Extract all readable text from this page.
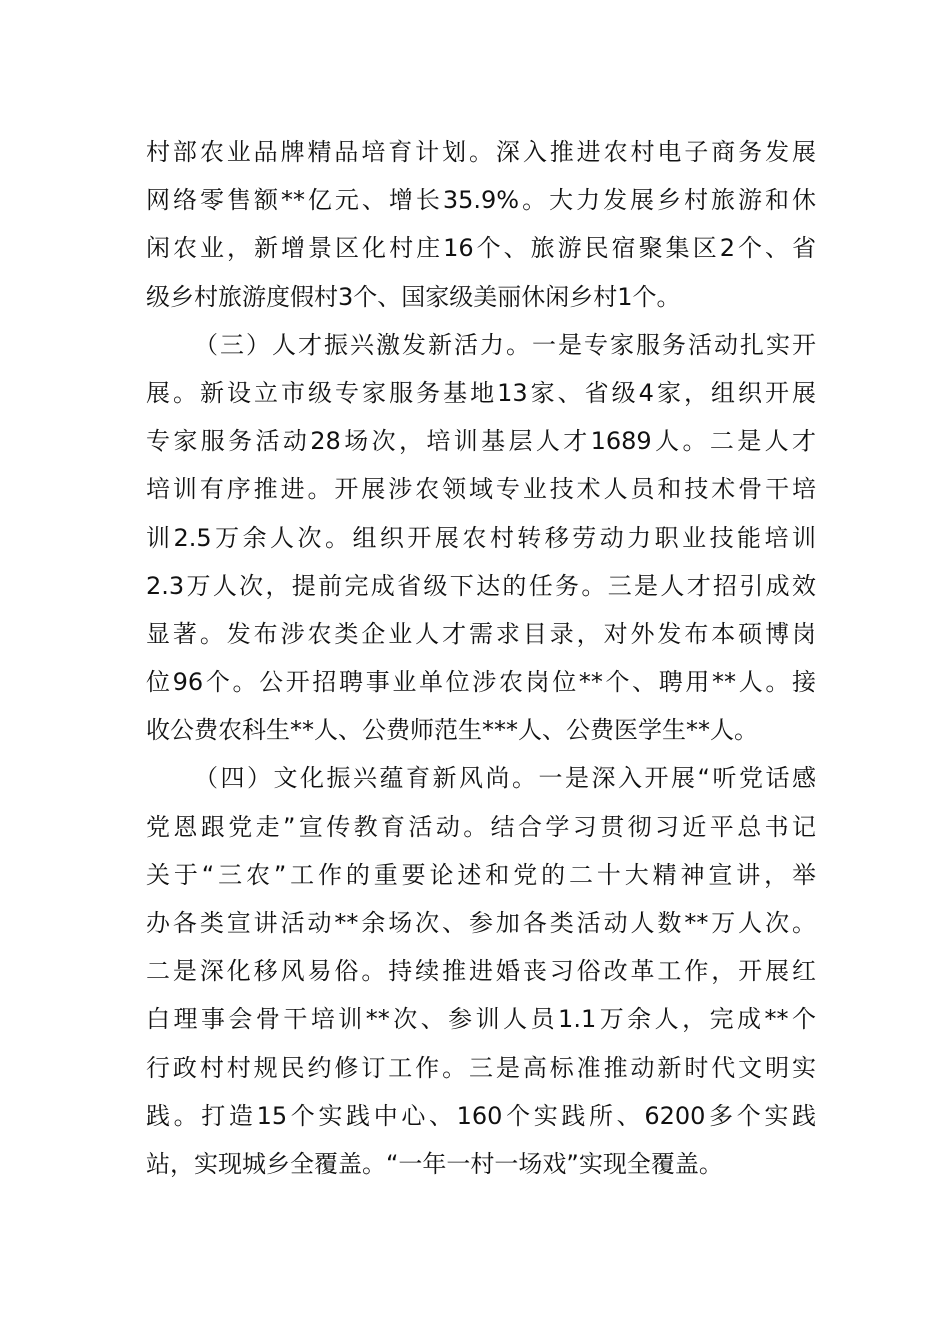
村部农业品牌精品培育计划。深入推进农村电子商务发展
网络零售额**亿元、增长35.9%。大力发展乡村旅游和休
闲农业，新增景区化村庄16个、旅游民宿聚集区2个、省
级乡村旅游度假村3个、国家级美丽休闲乡村1个。
（三）人才振兴激发新活力。一是专家服务活动扎实开
展。新设立市级专家服务基地13家、省级4家，组织开展
专家服务活动28场次，培训基层人才1689人。二是人才
培训有序推进。开展涉农领域专业技术人员和技术骨干培
训2.5万余人次。组织开展农村转移劳动力职业技能培训
2.3万人次，提前完成省级下达的任务。三是人才招引成效
显著。发布涉农类企业人才需求目录，对外发布本硕博岗
位96个。公开招聘事业单位涉农岗位**个、聘用**人。接
收公费农科生**人、公费师范生***人、公费医学生**人。
（四）文化振兴蕴育新风尚。一是深入开展“听党话感
党恩跟党走”宣传教育活动。结合学习贯彻习近平总书记
关于“三农”工作的重要论述和党的二十大精神宣讲，举
办各类宣讲活动**余场次、参加各类活动人数**万人次。
二是深化移风易俗。持续推进婚丧习俗改革工作，开展红
白理事会骨干培训**次、参训人员1.1万余人，完成**个
行政村村规民约修订工作。三是高标准推动新时代文明实
践。打造15个实践中心、160个实践所、6200多个实践
站，实现城乡全覆盖。“一年一村一场戏”实现全覆盖。
